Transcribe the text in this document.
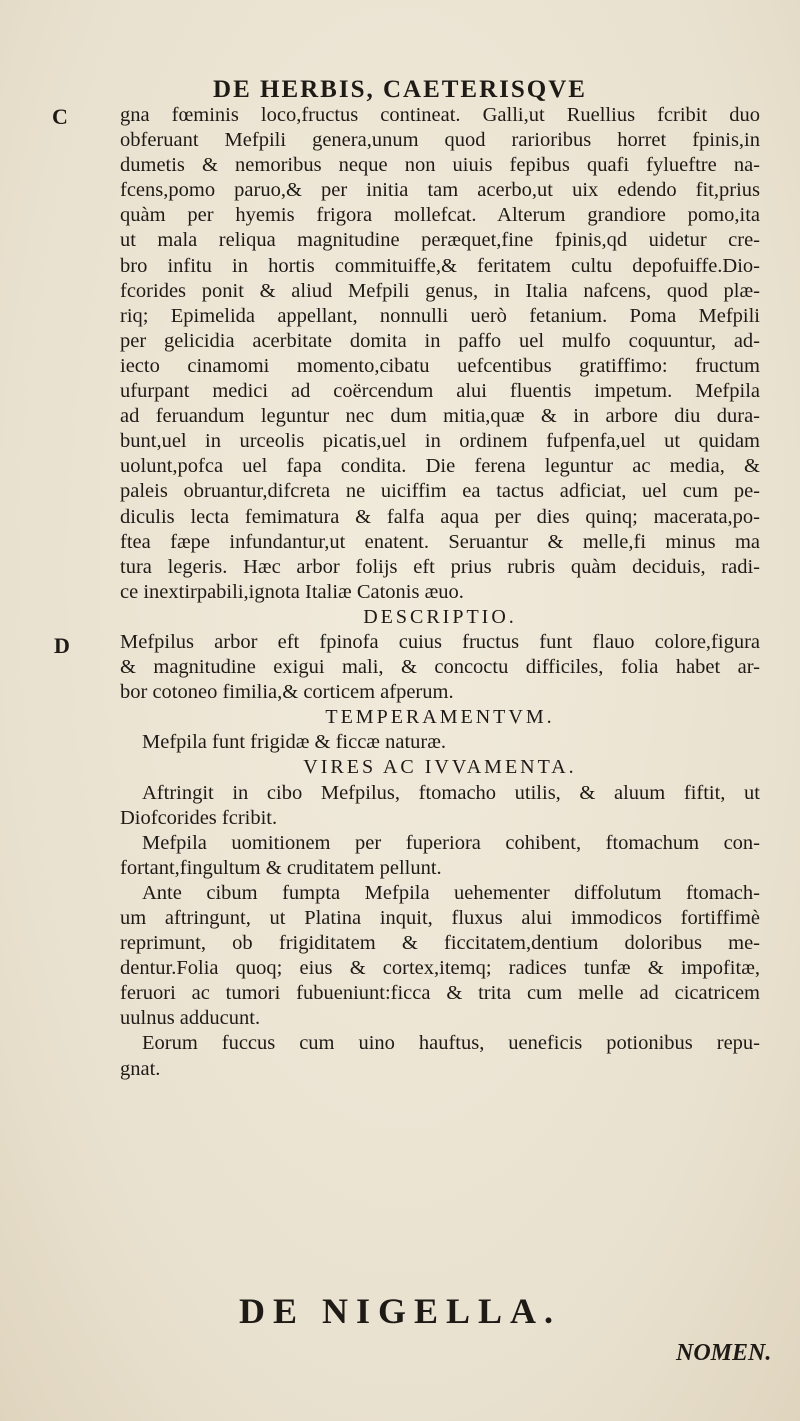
DE HERBIS, CAETERISQVE
C
D
gna fœminis loco,fructus contineat. Galli,ut Ruellius fcribit duo
obferuant Mefpili genera,unum quod rarioribus horret fpinis,in
dumetis & nemoribus neque non uiuis fepibus quafi fylueftre na-
fcens,pomo paruo,& per initia tam acerbo,ut uix edendo fit,prius
quàm per hyemis frigora mollefcat. Alterum grandiore pomo,ita
ut mala reliqua magnitudine peræquet,fine fpinis,qd uidetur cre-
bro infitu in hortis commituiffe,& feritatem cultu depofuiffe.Dio-
fcorides ponit & aliud Mefpili genus, in Italia nafcens, quod plæ-
riq; Epimelida appellant, nonnulli uerò fetanium. Poma Mefpili
per gelicidia acerbitate domita in paffo uel mulfo coquuntur, ad-
iecto cinamomi momento,cibatu uefcentibus gratiffimo: fructum
ufurpant medici ad coërcendum alui fluentis impetum. Mefpila
ad feruandum leguntur nec dum mitia,quæ & in arbore diu dura-
bunt,uel in urceolis picatis,uel in ordinem fufpenfa,uel ut quidam
uolunt,pofca uel fapa condita. Die ferena leguntur ac media, &
paleis obruantur,difcreta ne uiciffim ea tactus adficiat, uel cum pe-
diculis lecta femimatura & falfa aqua per dies quinq; macerata,po-
ftea fæpe infundantur,ut enatent. Seruantur & melle,fi minus ma
tura legeris. Hæc arbor folijs eft prius rubris quàm deciduis, radi-
ce inextirpabili,ignota Italiæ Catonis æuo.
DESCRIPTIO.
Mefpilus arbor eft fpinofa cuius fructus funt flauo colore,figura
& magnitudine exigui mali, & concoctu difficiles, folia habet ar-
bor cotoneo fimilia,& corticem afperum.
TEMPERAMENTVM.
Mefpila funt frigidæ & ficcæ naturæ.
VIRES AC IVVAMENTA.
Aftringit in cibo Mefpilus, ftomacho utilis, & aluum fiftit, ut
Diofcorides fcribit.
Mefpila uomitionem per fuperiora cohibent, ftomachum con-
fortant,fingultum & cruditatem pellunt.
Ante cibum fumpta Mefpila uehementer diffolutum ftomach-
um aftringunt, ut Platina inquit, fluxus alui immodicos fortiffimè
reprimunt, ob frigiditatem & ficcitatem,dentium doloribus me-
dentur.Folia quoq; eius & cortex,itemq; radices tunfæ & impofitæ,
feruori ac tumori fubueniunt:ficca & trita cum melle ad cicatricem
uulnus adducunt.
Eorum fuccus cum uino hauftus, ueneficis potionibus repu-
gnat.
DE NIGELLA.
NOMEN.
